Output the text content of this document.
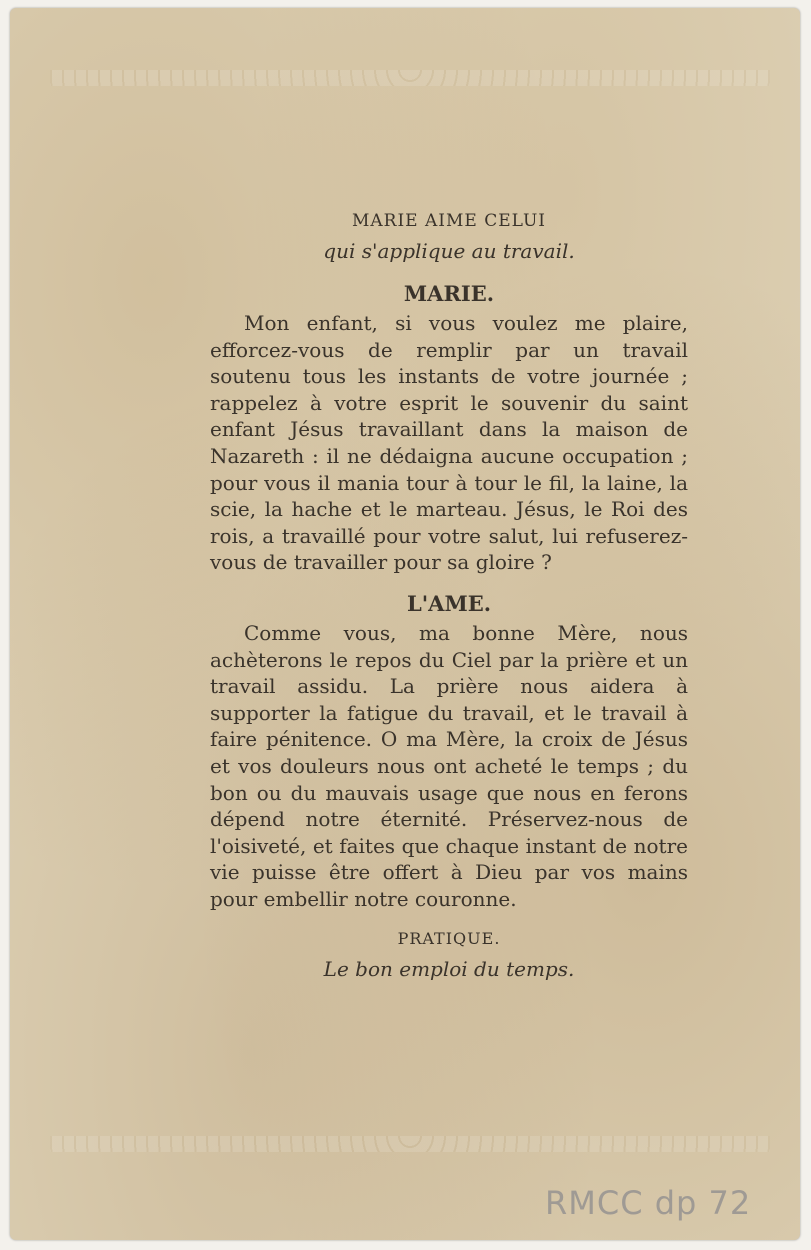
MARIE AIME CELUI

qui s'applique au travail.

MARIE.

Mon enfant, si vous voulez me plaire, efforcez-vous de remplir par un travail soutenu tous les instants de votre journée ; rappelez à votre esprit le souvenir du saint enfant Jésus travaillant dans la maison de Nazareth : il ne dédaigna aucune occupation ; pour vous il mania tour à tour le fil, la laine, la scie, la hache et le marteau. Jésus, le Roi des rois, a travaillé pour votre salut, lui refuserez-vous de travailler pour sa gloire ?

L'AME.

Comme vous, ma bonne Mère, nous achèterons le repos du Ciel par la prière et un travail assidu. La prière nous aidera à supporter la fatigue du travail, et le travail à faire pénitence. O ma Mère, la croix de Jésus et vos douleurs nous ont acheté le temps ; du bon ou du mauvais usage que nous en ferons dépend notre éternité. Préservez-nous de l'oisiveté, et faites que chaque instant de notre vie puisse être offert à Dieu par vos mains pour embellir notre couronne.

PRATIQUE.

Le bon emploi du temps.

RMCC dp 72
